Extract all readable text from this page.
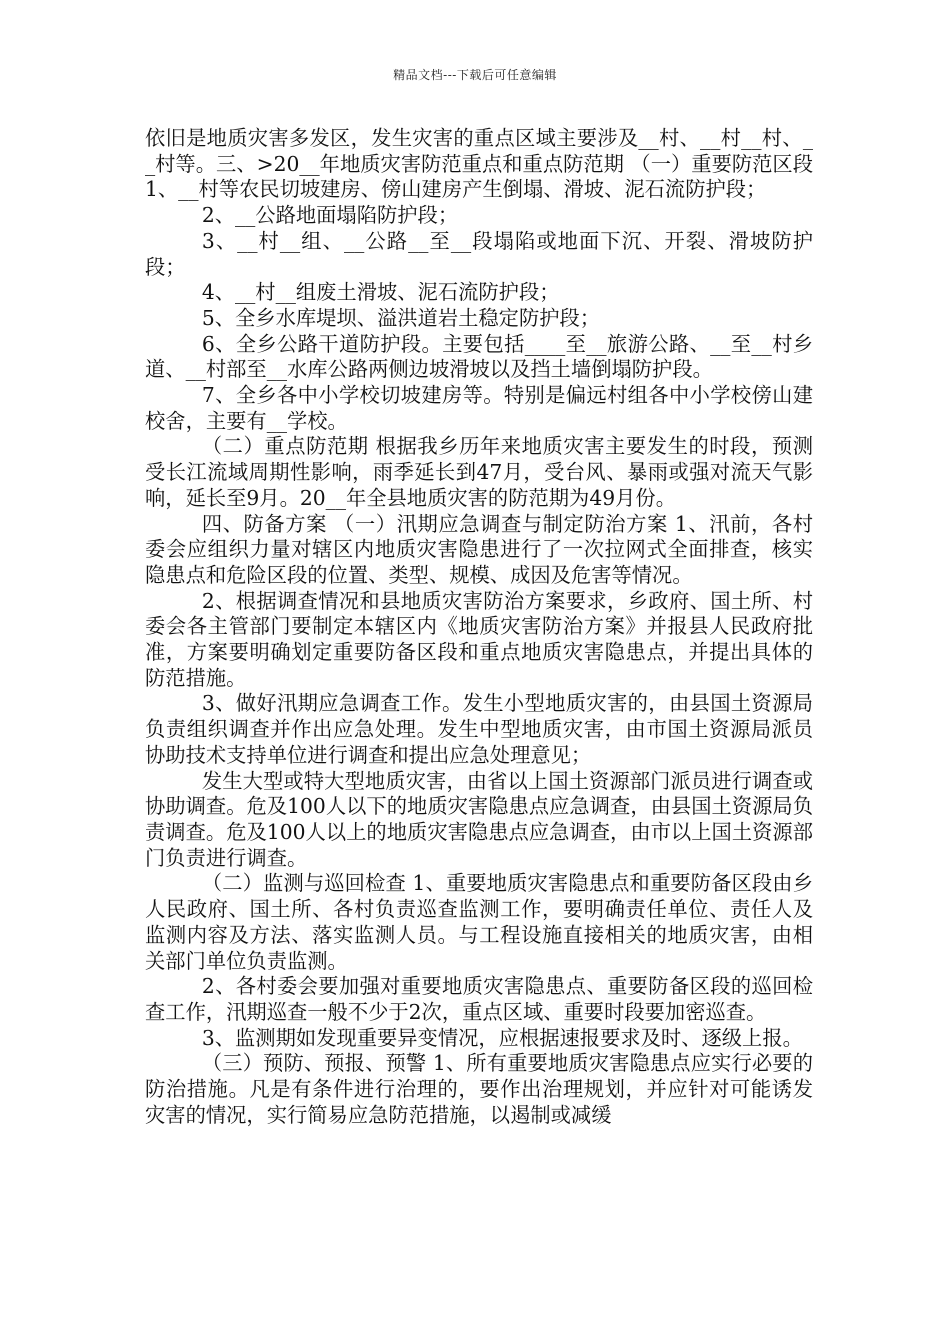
精品文档---下载后可任意编辑

依旧是地质灾害多发区，发生灾害的重点区域主要涉及__村、__村__村、__村等。三、>20__年地质灾害防范重点和重点防范期 （一）重要防范区段 1、__村等农民切坡建房、傍山建房产生倒塌、滑坡、泥石流防护段；

2、__公路地面塌陷防护段；

3、__村__组、__公路__至__段塌陷或地面下沉、开裂、滑坡防护段；

4、__村__组废土滑坡、泥石流防护段；

5、全乡水库堤坝、溢洪道岩土稳定防护段；

6、全乡公路干道防护段。主要包括____至__旅游公路、__至__村乡道、__村部至__水库公路两侧边坡滑坡以及挡土墙倒塌防护段。

7、全乡各中小学校切坡建房等。特别是偏远村组各中小学校傍山建校舍，主要有__学校。

（二）重点防范期 根据我乡历年来地质灾害主要发生的时段，预测受长江流域周期性影响，雨季延长到47月，受台风、暴雨或强对流天气影响，延长至9月。20__年全县地质灾害的防范期为49月份。

四、防备方案 （一）汛期应急调查与制定防治方案 1、汛前，各村委会应组织力量对辖区内地质灾害隐患进行了一次拉网式全面排查，核实隐患点和危险区段的位置、类型、规模、成因及危害等情况。

2、根据调查情况和县地质灾害防治方案要求，乡政府、国土所、村委会各主管部门要制定本辖区内《地质灾害防治方案》并报县人民政府批准，方案要明确划定重要防备区段和重点地质灾害隐患点，并提出具体的防范措施。

3、做好汛期应急调查工作。发生小型地质灾害的，由县国土资源局负责组织调查并作出应急处理。发生中型地质灾害，由市国土资源局派员协助技术支持单位进行调查和提出应急处理意见；

发生大型或特大型地质灾害，由省以上国土资源部门派员进行调查或协助调查。危及100人以下的地质灾害隐患点应急调查，由县国土资源局负责调查。危及100人以上的地质灾害隐患点应急调查，由市以上国土资源部门负责进行调查。

（二）监测与巡回检查 1、重要地质灾害隐患点和重要防备区段由乡人民政府、国土所、各村负责巡查监测工作，要明确责任单位、责任人及监测内容及方法、落实监测人员。与工程设施直接相关的地质灾害，由相关部门单位负责监测。

2、各村委会要加强对重要地质灾害隐患点、重要防备区段的巡回检查工作，汛期巡查一般不少于2次，重点区域、重要时段要加密巡查。

3、监测期如发现重要异变情况，应根据速报要求及时、逐级上报。

（三）预防、预报、预警 1、所有重要地质灾害隐患点应实行必要的防治措施。凡是有条件进行治理的，要作出治理规划，并应针对可能诱发灾害的情况，实行简易应急防范措施，以遏制或减缓
